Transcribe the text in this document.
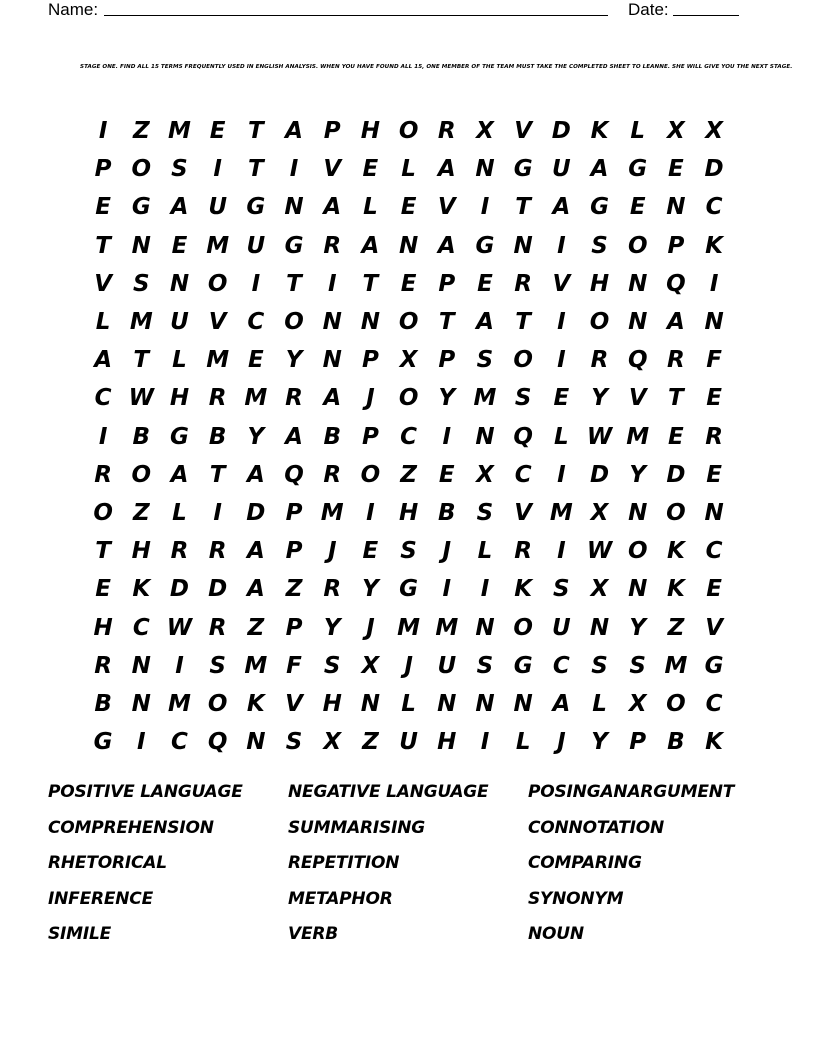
Name:	Date:
STAGE ONE. FIND ALL 15 TERMS FREQUENTLY USED IN ENGLISH ANALYSIS. WHEN YOU HAVE FOUND ALL 15, ONE MEMBER OF THE TEAM MUST TAKE THE COMPLETED SHEET TO LEANNE. SHE WILL GIVE YOU THE NEXT STAGE.
I	Z M E T A P H O R X V D K L X X
P O S	I	T	I	V E	L A N G U A G E D
E G A U G N A L	E V	I	T A G E N C
T N E M U G R A N A G N	I	S O P K
V S N O	I	T	I	T E P E R V H N Q	I
L M U V C O N N O T A T	I	O N A N
A T	L M E Y N P X P S O	I	R Q R F
C W H R M R A	J	O Y M S E Y V T E
I	B G B Y A B P C	I	N Q L W M E R
R O A T A Q R O Z E X C	I	D Y D E
O Z L	I	D P M I	H B S V M X N O N
T H R R A P	J	E S	J	L R	I W O K C
E K D D A Z R Y G	I	I	K S X N K E
H C W R Z P Y	J M M N O U N Y Z V
R N	I	S M F S X	J	U S G C S S M G
B N M O K V H N L N N N A L X O C
G	I	C Q N S X Z U H	I	L	J	Y P B K
POSITIVE LANGUAGE	NEGATIVE LANGUAGE	POSINGANARGUMENT
COMPREHENSION	SUMMARISING	CONNOTATION
RHETORICAL	REPETITION	COMPARING
INFERENCE	METAPHOR	SYNONYM
SIMILE	VERB	NOUN
